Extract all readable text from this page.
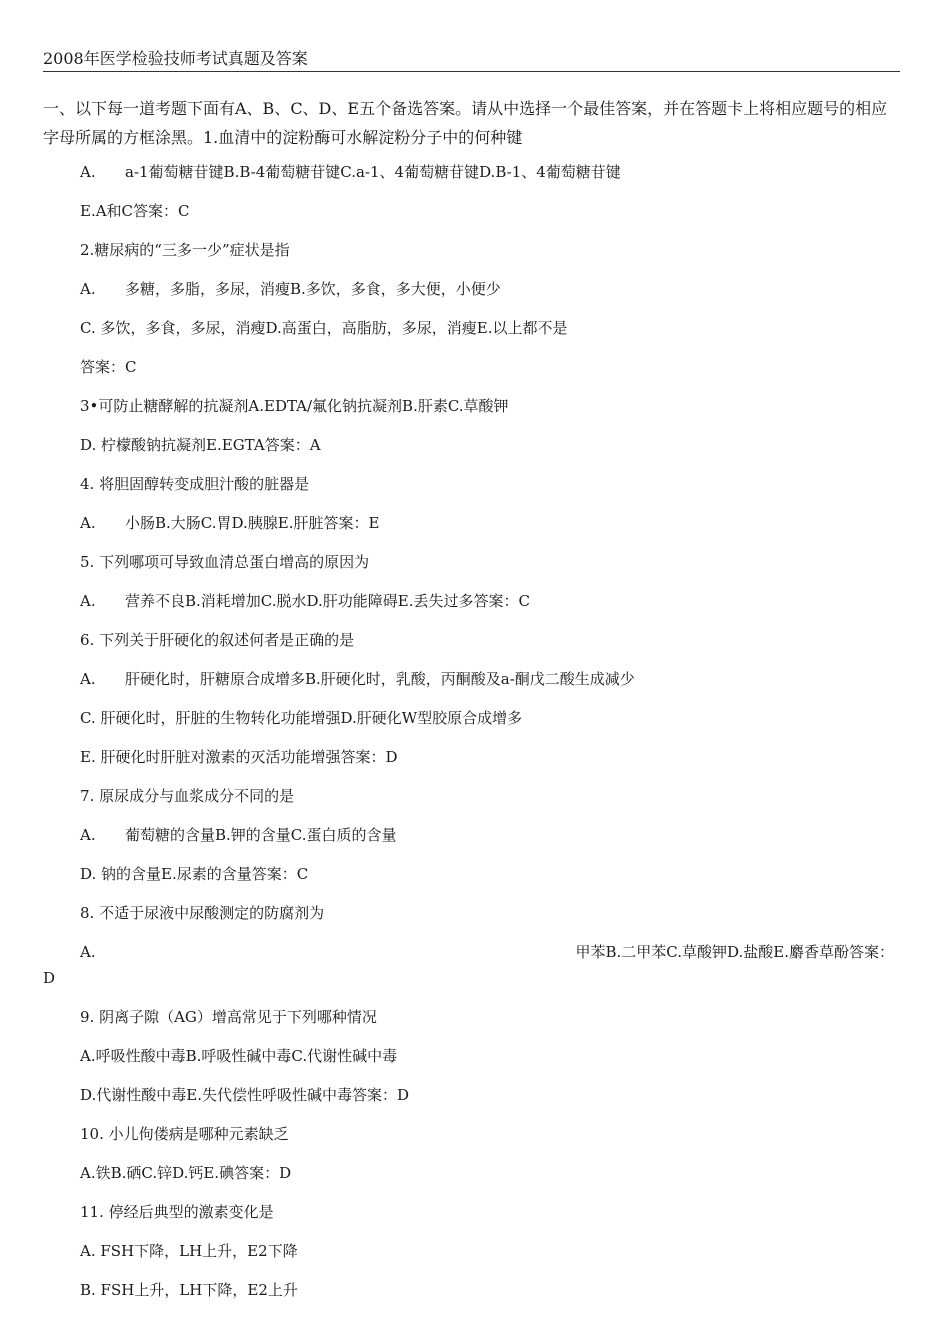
2008年医学检验技师考试真题及答案

一、以下每一道考题下面有A、B、C、D、E五个备选答案。请从中选择一个最佳答案，并在答题卡上将相应题号的相应字母所属的方框涂黑。1.血清中的淀粉酶可水解淀粉分子中的何种键

A. a-1葡萄糖苷键B.B-4葡萄糖苷键C.a-1、4葡萄糖苷键D.B-1、4葡萄糖苷键
E.A和C答案：C
2.糖尿病的“三多一少”症状是指
A. 多糖，多脂，多尿，消瘦B.多饮，多食，多大便，小便少
C. 多饮，多食，多尿，消瘦D.高蛋白，高脂肪，多尿，消瘦E.以上都不是
答案：C
3•可防止糖酵解的抗凝剂A.EDTA/氟化钠抗凝剂B.肝素C.草酸钾
D. 柠檬酸钠抗凝剂E.EGTA答案：A
4. 将胆固醇转变成胆汁酸的脏器是
A. 小肠B.大肠C.胃D.胰腺E.肝脏答案：E
5. 下列哪项可导致血清总蛋白增高的原因为
A. 营养不良B.消耗增加C.脱水D.肝功能障碍E.丢失过多答案：C
6. 下列关于肝硬化的叙述何者是正确的是
A. 肝硬化时，肝糖原合成增多B.肝硬化时，乳酸，丙酮酸及a-酮戊二酸生成减少
C. 肝硬化时，肝脏的生物转化功能增强D.肝硬化W型胶原合成增多
E. 肝硬化时肝脏对激素的灭活功能增强答案：D
7. 原尿成分与血浆成分不同的是
A. 葡萄糖的含量B.钾的含量C.蛋白质的含量
D. 钠的含量E.尿素的含量答案：C
8. 不适于尿液中尿酸测定的防腐剂为
A.	甲苯B.二甲苯C.草酸钾D.盐酸E.麝香草酚答案：
D
9. 阴离子隙（AG）增高常见于下列哪种情况
A.呼吸性酸中毒B.呼吸性碱中毒C.代谢性碱中毒
D.代谢性酸中毒E.失代偿性呼吸性碱中毒答案：D
10. 小儿佝偻病是哪种元素缺乏
A.铁B.硒C.锌D.钙E.碘答案：D
11. 停经后典型的激素变化是
A. FSH下降，LH上升，E2下降
B. FSH上升，LH下降，E2上升
